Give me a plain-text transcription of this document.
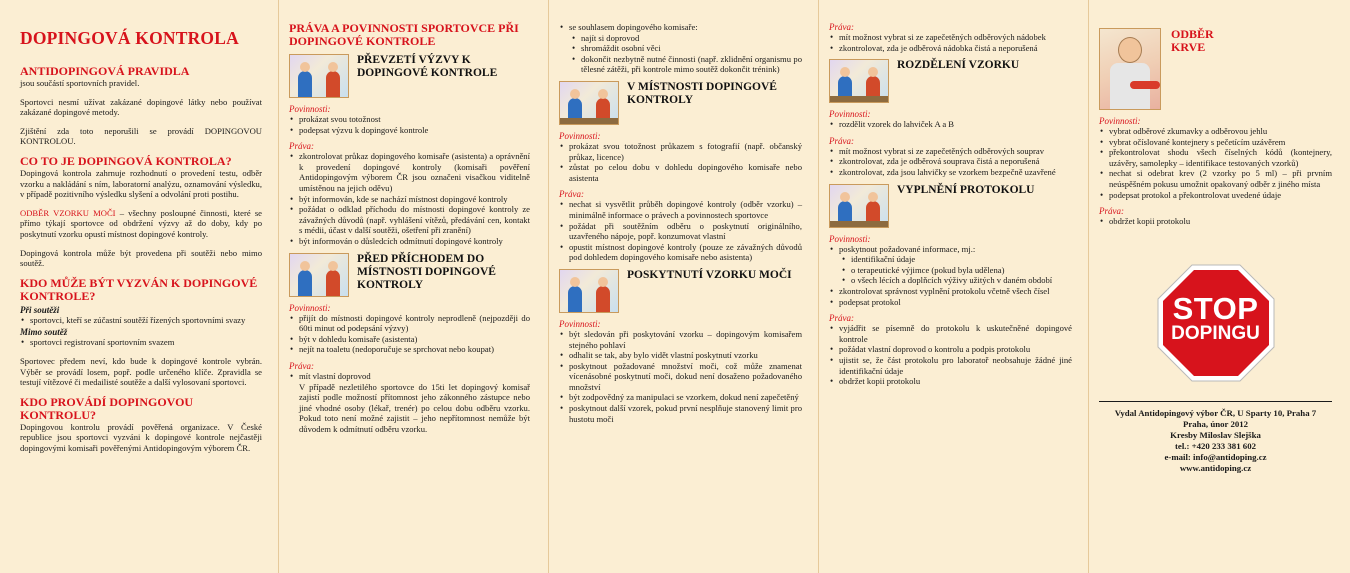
DOPINGOVÁ KONTROLA
ANTIDOPINGOVÁ PRAVIDLA

jsou součástí sportovních pravidel.

Sportovci nesmí užívat zakázané dopingové látky nebo používat zakázané dopingové metody.

Zjištění zda toto neporušili se provádí DOPINGOVOU KONTROLOU.

CO TO JE DOPINGOVÁ KONTROLA?

Dopingová kontrola zahrnuje rozhodnutí o provedení testu, odběr vzorku a nakládání s ním, laboratorní analýzu, oznamování výsledku, v případě pozitivního výsledku slyšení a odvolání proti postihu.

ODBĚR VZORKU MOČI – všechny posloupné činnosti, které se přímo týkají sportovce od obdržení výzvy až do doby, kdy po poskytnutí vzorku opustí místnost dopingové kontroly.

Dopingová kontrola může být provedena při soutěži nebo mimo soutěž.

KDO MŮŽE BÝT VYZVÁN K DOPINGOVÉ KONTROLE?
Při soutěži
• sportovci, kteří se zúčastní soutěží řízených sportovními svazy
Mimo soutěž
• sportovci registrovaní sportovním svazem

Sportovec předem neví, kdo bude k dopingové kontrole vybrán. Výběr se provádí losem, popř. podle určeného klíče. Zpravidla se testují vítězové či medailisté soutěže a další vylosovaní sportovci.

KDO PROVÁDÍ DOPINGOVOU KONTROLU?

Dopingovou kontrolu provádí pověřená organizace. V České republice jsou sportovci vyzváni k dopingové kontrole nejčastěji dopingovými komisaři pověřenými Antidopingovým výborem ČR.

PRÁVA A POVINNOSTI SPORTOVCE PŘI DOPINGOVÉ KONTROLE
PŘEVZETÍ VÝZVY K DOPINGOVÉ KONTROLE
Povinnosti:
• prokázat svou totožnost
• podepsat výzvu k dopingové kontrole
Práva:
• zkontrolovat průkaz dopingového komisaře (asistenta) a oprávnění k provedení dopingové kontroly (komisaři pověření Antidopingovým výborem ČR jsou označeni visačkou viditelně umístěnou na jejich oděvu)
• být informován, kde se nachází místnost dopingové kontroly
• požádat o odklad příchodu do místnosti dopingové kontroly ze závažných důvodů (např. vyhlášení vítězů, předávání cen, kontakt s médii, účast v další soutěži, ošetření při zranění)
• být informován o důsledcích odmítnutí dopingové kontroly
PŘED PŘÍCHODEM DO MÍSTNOSTI DOPINGOVÉ KONTROLY
Povinnosti:
• přijít do místnosti dopingové kontroly neprodleně (nejpozději do 60ti minut od podepsání výzvy)
• být v dohledu komisaře (asistenta)
• nejít na toaletu (nedoporučuje se sprchovat nebo koupat)
Práva:
• mít vlastní doprovod

V případě nezletilého sportovce do 15ti let dopingový komisař zajistí podle možností přítomnost jeho zákonného zástupce nebo jiné vhodné osoby (lékař, trenér) po celou dobu odběru vzorku. Pokud toto není možné zajistit – jeho nepřítomnost nemůže být důvodem k odmítnutí odběru vzorku.

• se souhlasem dopingového komisaře:
• najít si doprovod
• shromáždit osobní věci
• dokončit nezbytně nutné činnosti (např. zklidnění organismu po tělesné zátěži, při kontrole mimo soutěž dokončit trénink)
V MÍSTNOSTI DOPINGOVÉ KONTROLY
Povinnosti:
• prokázat svou totožnost průkazem s fotografií (např. občanský průkaz, licence)
• zůstat po celou dobu v dohledu dopingového komisaře nebo asistenta
Práva:
• nechat si vysvětlit průběh dopingové kontroly (odběr vzorku) – minimálně informace o právech a povinnostech sportovce
• požádat při soutěžním odběru o poskytnutí originálního, uzavřeného nápoje, popř. konzumovat vlastní
• opustit místnost dopingové kontroly (pouze ze závažných důvodů pod dohledem dopingového komisaře nebo asistenta)
POSKYTNUTÍ VZORKU MOČI
Povinnosti:
• být sledován při poskytování vzorku – dopingovým komisařem stejného pohlaví
• odhalit se tak, aby bylo vidět vlastní poskytnutí vzorku
• poskytnout požadované množství moči, což může znamenat vícenásobné poskytnutí moči, dokud není dosaženo požadovaného množství
• být zodpovědný za manipulaci se vzorkem, dokud není zapečetěný
• poskytnout další vzorek, pokud první nesplňuje stanovený limit pro hustotu moči
Práva:
• mít možnost vybrat si ze zapečetěných odběrových nádobek
• zkontrolovat, zda je odběrová nádobka čistá a neporušená
ROZDĚLENÍ VZORKU
Povinnosti:
• rozdělit vzorek do lahviček A a B
Práva:
• mít možnost vybrat si ze zapečetěných odběrových souprav
• zkontrolovat, zda je odběrová souprava čistá a neporušená
• zkontrolovat, zda jsou lahvičky se vzorkem bezpečně uzavřené
VYPLNĚNÍ PROTOKOLU
Povinnosti:
• poskytnout požadované informace, mj.:
• identifikační údaje
• o terapeutické výjimce (pokud byla udělena)
• o všech lécích a doplňcích výživy užitých v daném období
• zkontrolovat správnost vyplnění protokolu včetně všech čísel
• podepsat protokol
Práva:
• vyjádřit se písemně do protokolu k uskutečněné dopingové kontrole
• požádat vlastní doprovod o kontrolu a podpis protokolu
• ujistit se, že část protokolu pro laboratoř neobsahuje žádné jiné identifikační údaje
• obdržet kopii protokolu
ODBĚR KRVE
Povinnosti:
• vybrat odběrové zkumavky a odběrovou jehlu
• vybrat očíslované kontejnery s pečetícím uzávěrem
• překontrolovat shodu všech číselných kódů (kontejnery, uzávěry, samolepky – identifikace testovaných vzorků)
• nechat si odebrat krev (2 vzorky po 5 ml) – při prvním neúspěšném pokusu umožnit opakovaný odběr z jiného místa
• podepsat protokol a překontrolovat uvedené údaje
Práva:
• obdržet kopii protokolu
STOP
DOPINGU

Vydal Antidopingový výbor ČR, U Sparty 10, Praha 7

Praha, únor 2012

Kresby Miloslav Slejška

tel.: +420 233 381 602

e-mail: info@antidoping.cz

www.antidoping.cz
